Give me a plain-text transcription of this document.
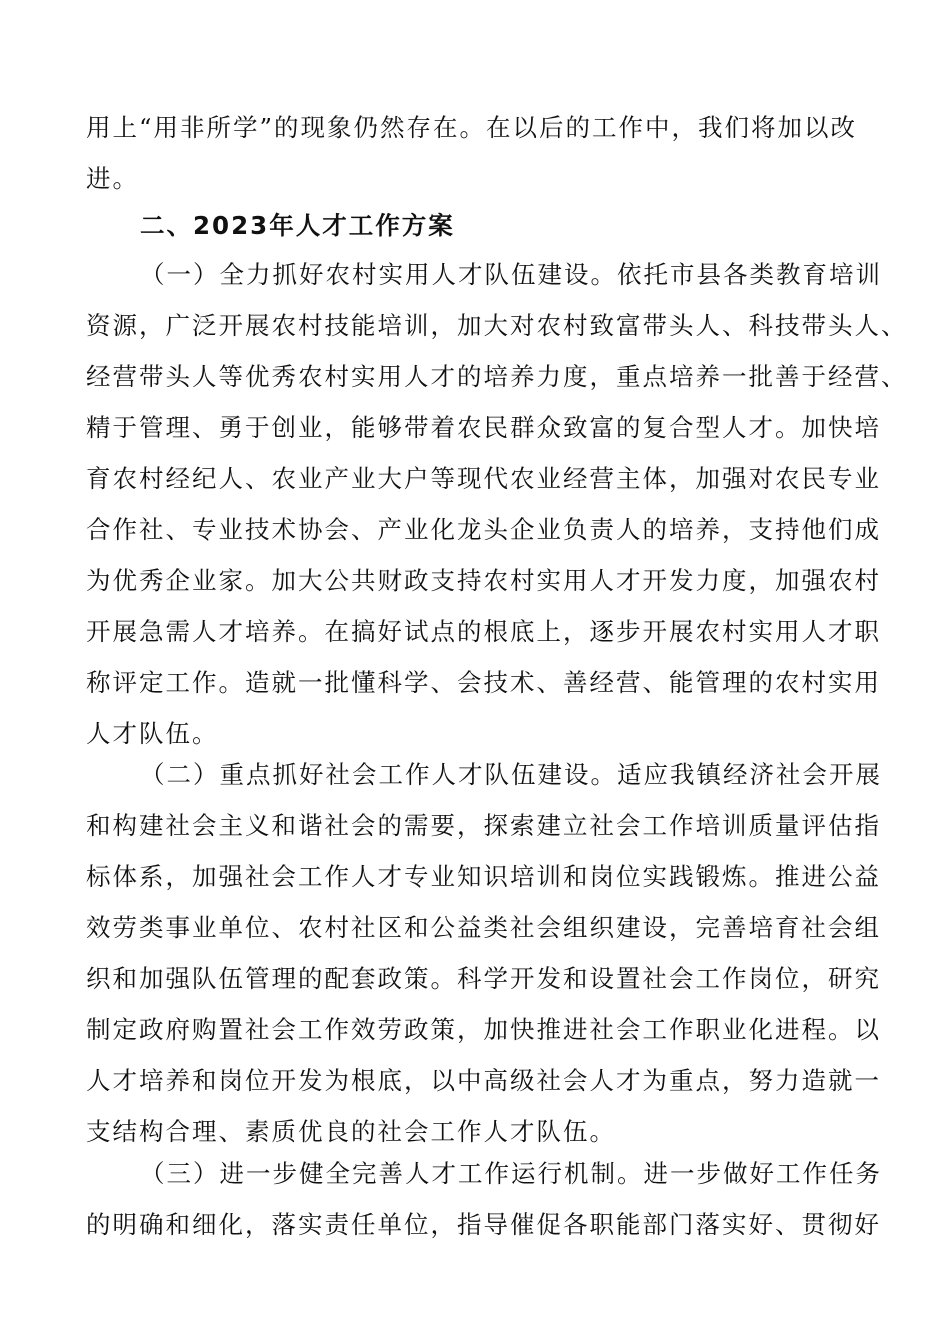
用上“用非所学”的现象仍然存在。在以后的工作中，我们将加以改
进。
二、2023年人才工作方案
（一）全力抓好农村实用人才队伍建设。依托市县各类教育培训
资源，广泛开展农村技能培训，加大对农村致富带头人、科技带头人、
经营带头人等优秀农村实用人才的培养力度，重点培养一批善于经营、
精于管理、勇于创业，能够带着农民群众致富的复合型人才。加快培
育农村经纪人、农业产业大户等现代农业经营主体，加强对农民专业
合作社、专业技术协会、产业化龙头企业负责人的培养，支持他们成
为优秀企业家。加大公共财政支持农村实用人才开发力度，加强农村
开展急需人才培养。在搞好试点的根底上，逐步开展农村实用人才职
称评定工作。造就一批懂科学、会技术、善经营、能管理的农村实用
人才队伍。
（二）重点抓好社会工作人才队伍建设。适应我镇经济社会开展
和构建社会主义和谐社会的需要，探索建立社会工作培训质量评估指
标体系，加强社会工作人才专业知识培训和岗位实践锻炼。推进公益
效劳类事业单位、农村社区和公益类社会组织建设，完善培育社会组
织和加强队伍管理的配套政策。科学开发和设置社会工作岗位，研究
制定政府购置社会工作效劳政策，加快推进社会工作职业化进程。以
人才培养和岗位开发为根底，以中高级社会人才为重点，努力造就一
支结构合理、素质优良的社会工作人才队伍。
（三）进一步健全完善人才工作运行机制。进一步做好工作任务
的明确和细化，落实责任单位，指导催促各职能部门落实好、贯彻好
